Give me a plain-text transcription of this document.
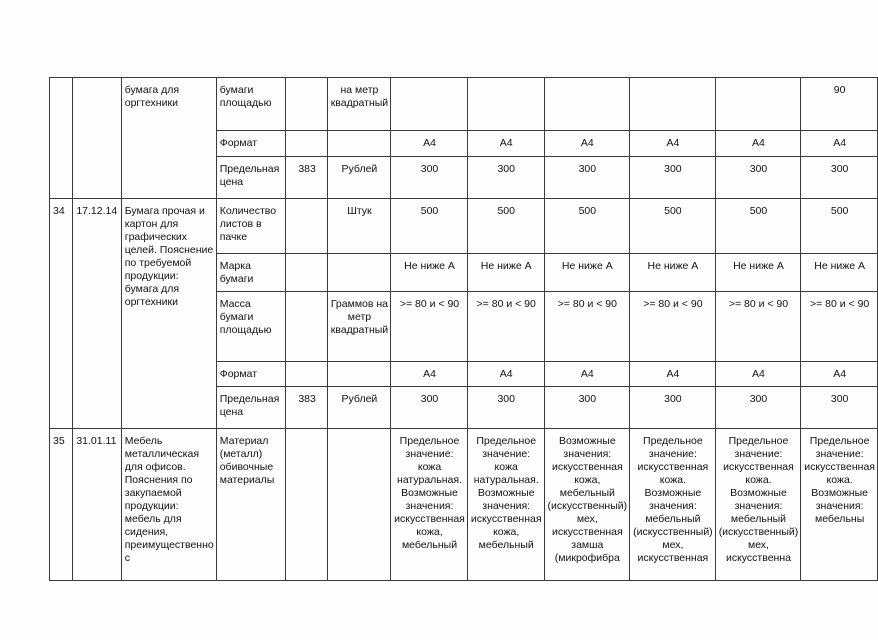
		бумага для оргтехники	бумаги площадью		на метр квадратный						90
			Формат			А4	А4	А4	А4	А4	А4
			Предельная цена	383	Рублей	300	300	300	300	300	300
34	17.12.14	Бумага прочая и картон для графических целей. Пояснение по требуемой продукции: бумага для оргтехники	Количество листов в пачке		Штук	500	500	500	500	500	500
			Марка бумаги			Не ниже А	Не ниже А	Не ниже А	Не ниже А	Не ниже А	Не ниже А
			Масса бумаги площадью		Граммов на метр квадратный	>= 80 и < 90	>= 80 и < 90	>= 80 и < 90	>= 80 и < 90	>= 80 и < 90	>= 80 и < 90
			Формат			А4	А4	А4	А4	А4	А4
			Предельная цена	383	Рублей	300	300	300	300	300	300
35	31.01.11	Мебель металлическая для офисов. Пояснения по закупаемой продукции: мебель для сидения, преимущественно с	Материал (металл) обивочные материалы			Предельное значение: кожа натуральная. Возможные значения: искусственная кожа, мебельный	Предельное значение: кожа натуральная. Возможные значения: искусственная кожа, мебельный	Возможные значения: искусственная кожа, мебельный (искусственный) мех, искусственная замша (микрофибра	Предельное значение: искусственная кожа. Возможные значения: мебельный (искусственный) мех, искусственная	Предельное значение: искусственная кожа. Возможные значения: мебельный (искусственный) мех, искусственна	Предельное значение: искусственная кожа. Возможные значения: мебельны
